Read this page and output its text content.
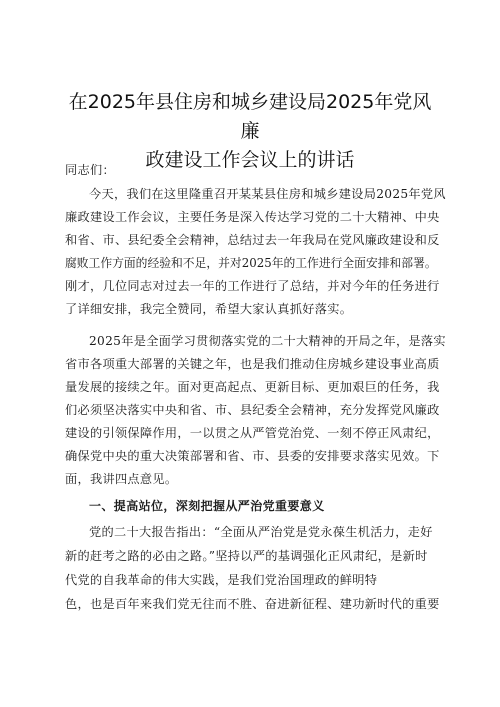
在2025年县住房和城乡建设局2025年党风廉
政建设工作会议上的讲话
同志们：
今天，我们在这里隆重召开某某县住房和城乡建设局2025年党风
廉政建设工作会议，主要任务是深入传达学习党的二十大精神、中央
和省、市、县纪委全会精神，总结过去一年我局在党风廉政建设和反
腐败工作方面的经验和不足，并对2025年的工作进行全面安排和部署。
刚才，几位同志对过去一年的工作进行了总结，并对今年的任务进行
了详细安排，我完全赞同，希望大家认真抓好落实。
2025年是全面学习贯彻落实党的二十大精神的开局之年，是落实
省市各项重大部署的关键之年，也是我们推动住房城乡建设事业高质
量发展的接续之年。面对更高起点、更新目标、更加艰巨的任务，我
们必须坚决落实中央和省、市、县纪委全会精神，充分发挥党风廉政
建设的引领保障作用，一以贯之从严管党治党、一刻不停正风肃纪，
确保党中央的重大决策部署和省、市、县委的安排要求落实见效。下
面，我讲四点意见。
一、提高站位，深刻把握从严治党重要意义
党的二十大报告指出：“全面从严治党是党永葆生机活力，走好
新的赶考之路的必由之路。”坚持以严的基调强化正风肃纪，是新时
代党的自我革命的伟大实践，是我们党治国理政的鲜明特
色，也是百年来我们党无往而不胜、奋进新征程、建功新时代的重要
